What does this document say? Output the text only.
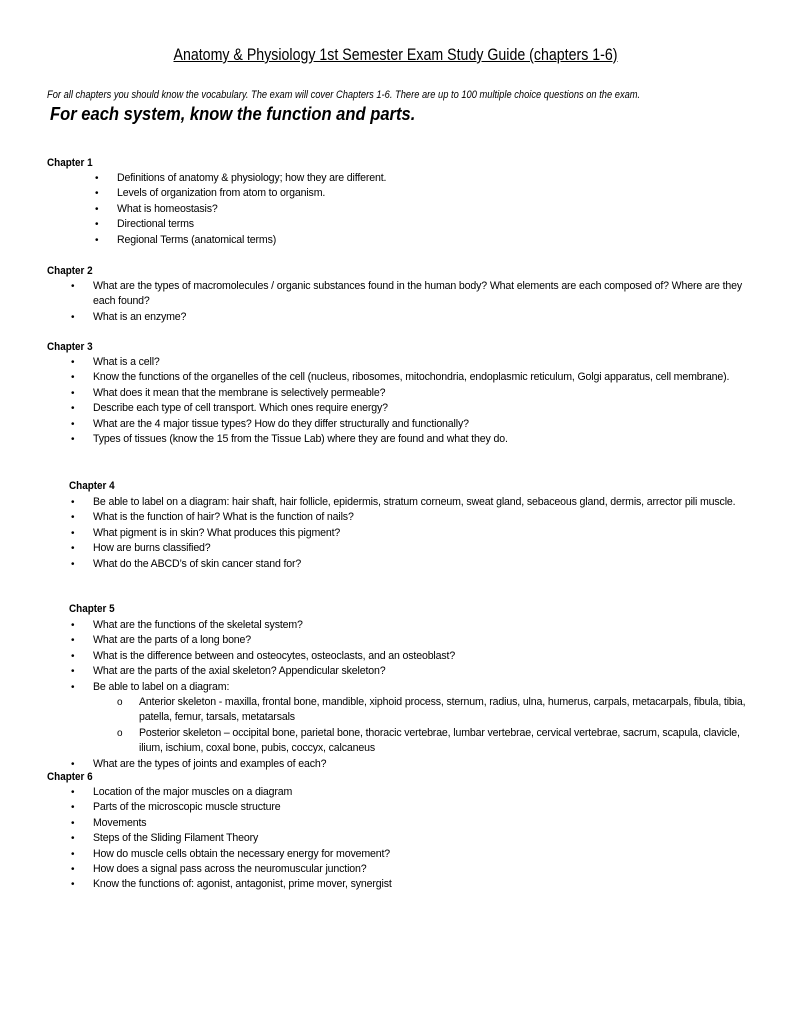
Anatomy & Physiology 1st Semester Exam Study Guide (chapters 1-6)
For all chapters you should know the vocabulary. The exam will cover Chapters 1-6. There are up to 100 multiple choice questions on the exam.
For each system, know the function and parts.
Chapter 1
• Definitions of anatomy & physiology; how they are different.
• Levels of organization from atom to organism.
• What is homeostasis?
• Directional terms
• Regional Terms (anatomical terms)
Chapter 2
• What are the types of macromolecules / organic substances found in the human body? What elements are each composed of? Where are they each found?
• What is an enzyme?
Chapter 3
• What is a cell?
• Know the functions of the organelles of the cell (nucleus, ribosomes, mitochondria, endoplasmic reticulum, Golgi apparatus, cell membrane).
• What does it mean that the membrane is selectively permeable?
• Describe each type of cell transport. Which ones require energy?
• What are the 4 major tissue types? How do they differ structurally and functionally?
• Types of tissues (know the 15 from the Tissue Lab) where they are found and what they do.
Chapter 4
• Be able to label on a diagram: hair shaft, hair follicle, epidermis, stratum corneum, sweat gland, sebaceous gland, dermis, arrector pili muscle.
• What is the function of hair? What is the function of nails?
• What pigment is in skin? What produces this pigment?
• How are burns classified?
• What do the ABCD’s of skin cancer stand for?
Chapter 5
• What are the functions of the skeletal system?
• What are the parts of a long bone?
• What is the difference between and osteocytes, osteoclasts, and an osteoblast?
• What are the parts of the axial skeleton? Appendicular skeleton?
• Be able to label on a diagram:
o Anterior skeleton - maxilla, frontal bone, mandible, xiphoid process, sternum, radius, ulna, humerus, carpals, metacarpals, fibula, tibia, patella, femur, tarsals, metatarsals
o Posterior skeleton – occipital bone, parietal bone, thoracic vertebrae, lumbar vertebrae, cervical vertebrae, sacrum, scapula, clavicle, ilium, ischium, coxal bone, pubis, coccyx, calcaneus
• What are the types of joints and examples of each?
Chapter 6
• Location of the major muscles on a diagram
• Parts of the microscopic muscle structure
• Movements
• Steps of the Sliding Filament Theory
• How do muscle cells obtain the necessary energy for movement?
• How does a signal pass across the neuromuscular junction?
• Know the functions of: agonist, antagonist, prime mover, synergist
